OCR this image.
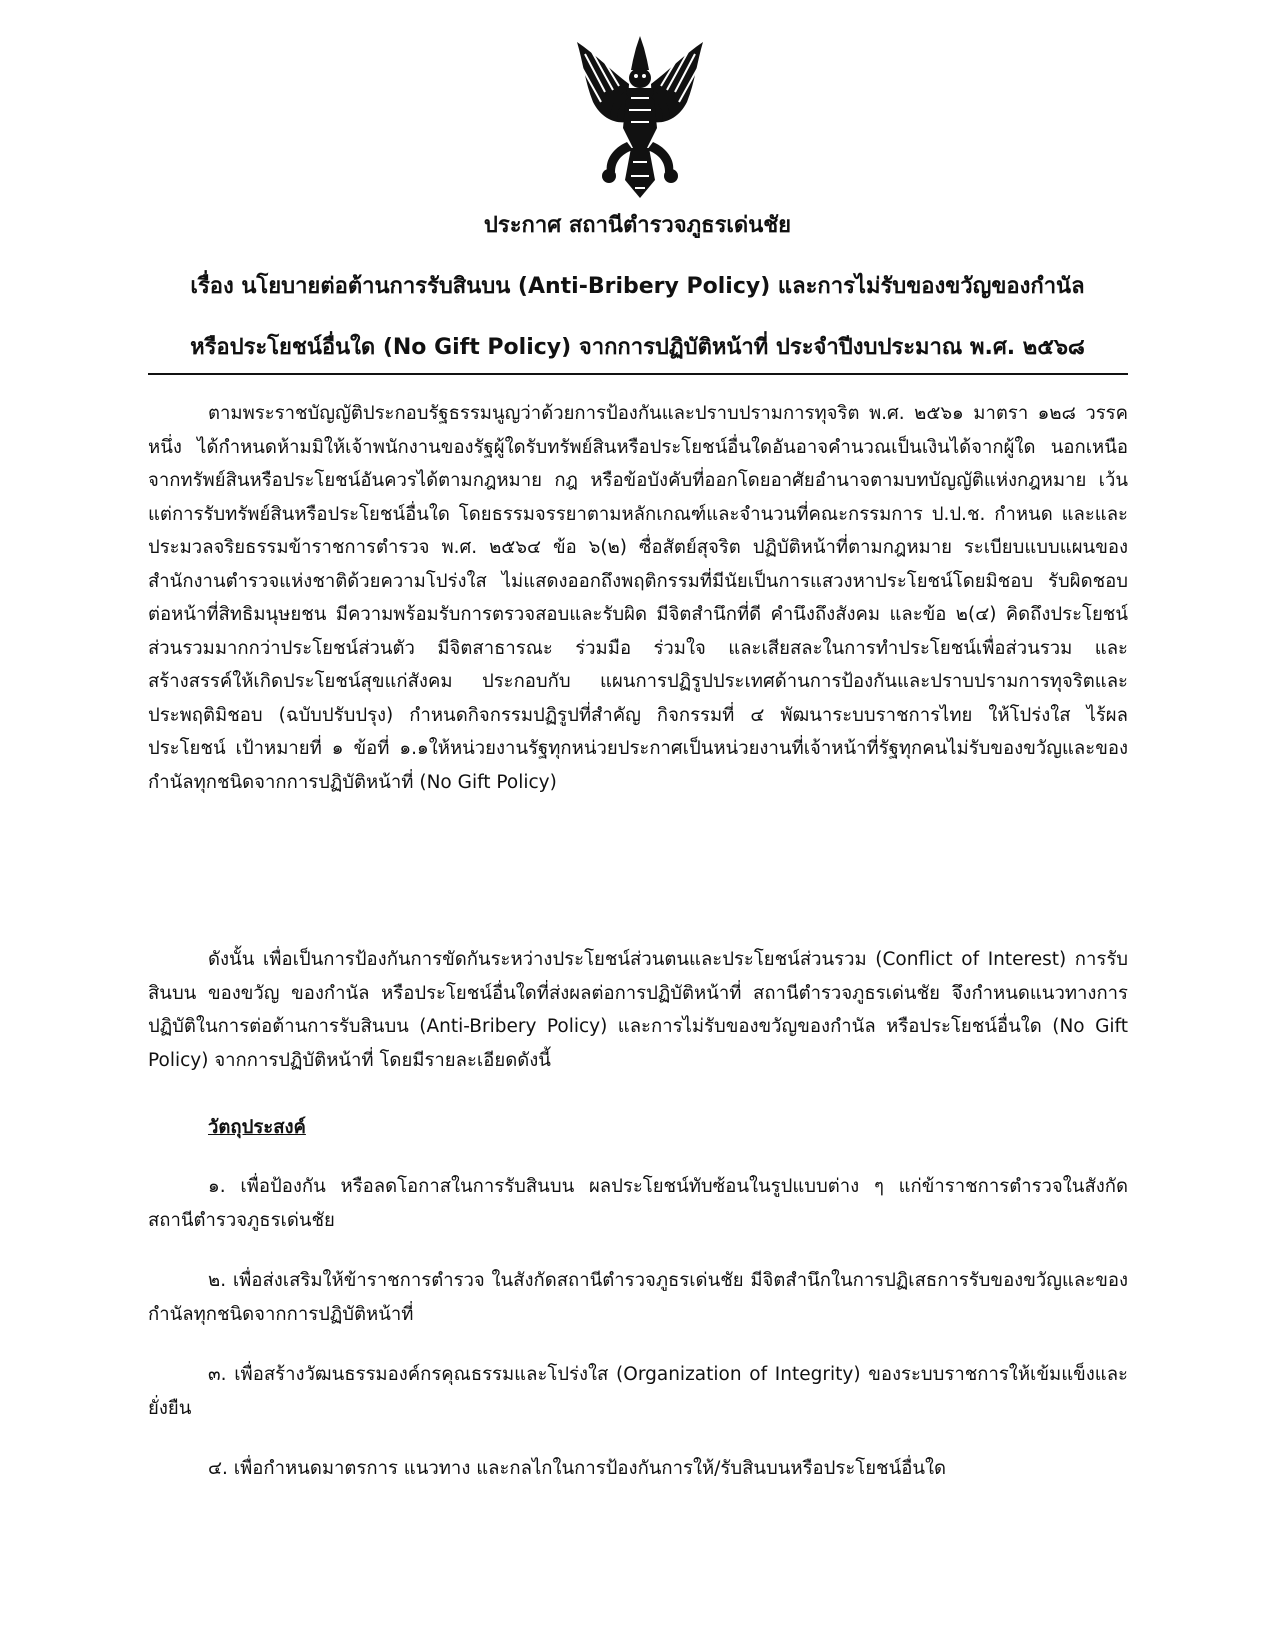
ประกาศ สถานีตำรวจภูธรเด่นชัย
เรื่อง นโยบายต่อต้านการรับสินบน (Anti-Bribery Policy) และการไม่รับของขวัญของกำนัล
หรือประโยชน์อื่นใด (No Gift Policy) จากการปฏิบัติหน้าที่ ประจำปีงบประมาณ พ.ศ. ๒๕๖๘
ตามพระราชบัญญัติประกอบรัฐธรรมนูญว่าด้วยการป้องกันและปราบปรามการทุจริต พ.ศ. ๒๕๖๑ มาตรา ๑๒๘ วรรคหนึ่ง ได้กำหนดห้ามมิให้เจ้าพนักงานของรัฐผู้ใดรับทรัพย์สินหรือประโยชน์อื่นใดอันอาจคำนวณเป็นเงินได้จากผู้ใด นอกเหนือจากทรัพย์สินหรือประโยชน์อันควรได้ตามกฎหมาย กฎ หรือข้อบังคับที่ออกโดยอาศัยอำนาจตามบทบัญญัติแห่งกฎหมาย เว้นแต่การรับทรัพย์สินหรือประโยชน์อื่นใด โดยธรรมจรรยาตามหลักเกณฑ์และจำนวนที่คณะกรรมการ ป.ป.ช. กำหนด และและประมวลจริยธรรมข้าราชการตำรวจ พ.ศ. ๒๕๖๔ ข้อ ๖(๒) ซื่อสัตย์สุจริต ปฏิบัติหน้าที่ตามกฎหมาย ระเบียบแบบแผนของสำนักงานตำรวจแห่งชาติด้วยความโปร่งใส ไม่แสดงออกถึงพฤติกรรมที่มีนัยเป็นการแสวงหาประโยชน์โดยมิชอบ รับผิดชอบต่อหน้าที่สิทธิมนุษยชน มีความพร้อมรับการตรวจสอบและรับผิด มีจิตสำนึกที่ดี คำนึงถึงสังคม และข้อ ๒(๔) คิดถึงประโยชน์ส่วนรวมมากกว่าประโยชน์ส่วนตัว มีจิตสาธารณะ ร่วมมือ ร่วมใจ และเสียสละในการทำประโยชน์เพื่อส่วนรวม และสร้างสรรค์ให้เกิดประโยชน์สุขแก่สังคม ประกอบกับ แผนการปฏิรูปประเทศด้านการป้องกันและปราบปรามการทุจริตและประพฤติมิชอบ (ฉบับปรับปรุง) กำหนดกิจกรรมปฏิรูปที่สำคัญ กิจกรรมที่ ๔ พัฒนาระบบราชการไทย ให้โปร่งใส ไร้ผลประโยชน์ เป้าหมายที่ ๑ ข้อที่ ๑.๑ให้หน่วยงานรัฐทุกหน่วยประกาศเป็นหน่วยงานที่เจ้าหน้าที่รัฐทุกคนไม่รับของขวัญและของกำนัลทุกชนิดจากการปฏิบัติหน้าที่ (No Gift Policy)
ดังนั้น เพื่อเป็นการป้องกันการขัดกันระหว่างประโยชน์ส่วนตนและประโยชน์ส่วนรวม (Conflict of Interest) การรับสินบน ของขวัญ ของกำนัล หรือประโยชน์อื่นใดที่ส่งผลต่อการปฏิบัติหน้าที่ สถานีตำรวจภูธรเด่นชัย จึงกำหนดแนวทางการปฏิบัติในการต่อต้านการรับสินบน (Anti-Bribery Policy) และการไม่รับของขวัญของกำนัล หรือประโยชน์อื่นใด (No Gift Policy) จากการปฏิบัติหน้าที่ โดยมีรายละเอียดดังนี้
วัตถุประสงค์
๑. เพื่อป้องกัน หรือลดโอกาสในการรับสินบน ผลประโยชน์ทับซ้อนในรูปแบบต่าง ๆ แก่ข้าราชการตำรวจในสังกัดสถานีตำรวจภูธรเด่นชัย
๒. เพื่อส่งเสริมให้ข้าราชการตำรวจ ในสังกัดสถานีตำรวจภูธรเด่นชัย มีจิตสำนึกในการปฏิเสธการรับของขวัญและของกำนัลทุกชนิดจากการปฏิบัติหน้าที่
๓. เพื่อสร้างวัฒนธรรมองค์กรคุณธรรมและโปร่งใส (Organization of Integrity) ของระบบราชการให้เข้มแข็งและยั่งยืน
๔. เพื่อกำหนดมาตรการ แนวทาง และกลไกในการป้องกันการให้/รับสินบนหรือประโยชน์อื่นใด
